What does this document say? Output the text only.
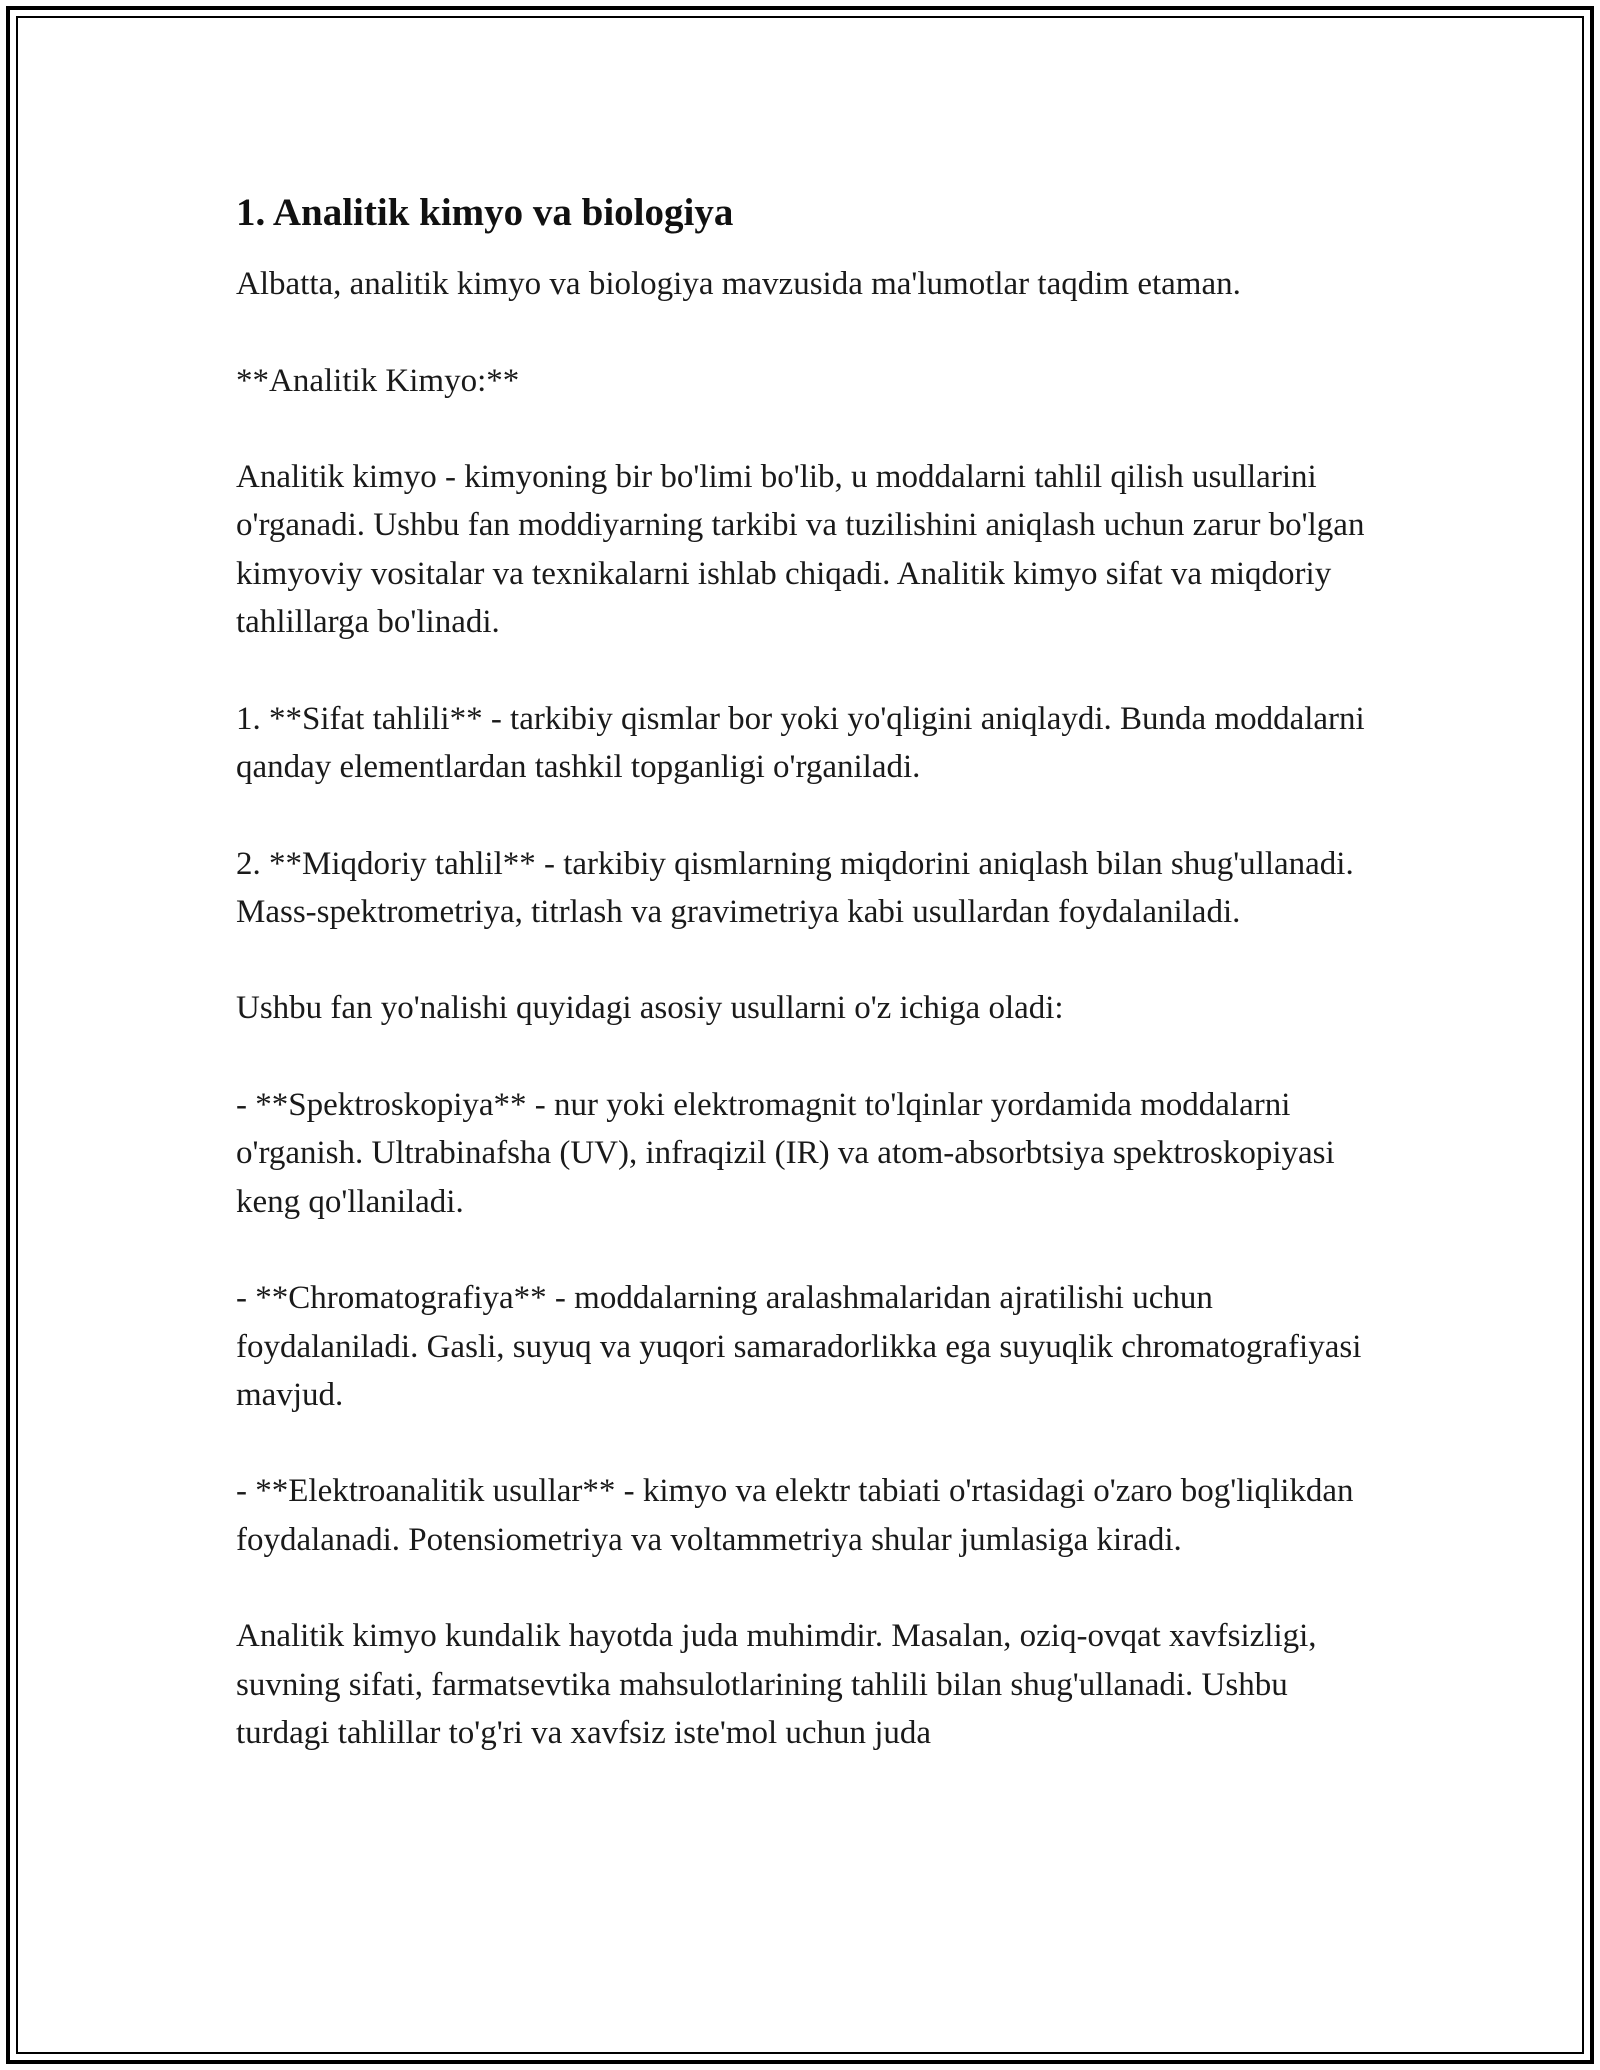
1. Analitik kimyo va biologiya

Albatta, analitik kimyo va biologiya mavzusida ma'lumotlar taqdim etaman.

**Analitik Kimyo:**

Analitik kimyo - kimyoning bir bo'limi bo'lib, u moddalarni tahlil qilish usullarini o'rganadi. Ushbu fan moddiyarning tarkibi va tuzilishini aniqlash uchun zarur bo'lgan kimyoviy vositalar va texnikalarni ishlab chiqadi. Analitik kimyo sifat va miqdoriy tahlillarga bo'linadi.

1. **Sifat tahlili** - tarkibiy qismlar bor yoki yo'qligini aniqlaydi. Bunda moddalarni qanday elementlardan tashkil topganligi o'rganiladi.

2. **Miqdoriy tahlil** - tarkibiy qismlarning miqdorini aniqlash bilan shug'ullanadi. Mass-spektrometriya, titrlash va gravimetriya kabi usullardan foydalaniladi.

Ushbu fan yo'nalishi quyidagi asosiy usullarni o'z ichiga oladi:

- **Spektroskopiya** - nur yoki elektromagnit to'lqinlar yordamida moddalarni o'rganish. Ultrabinafsha (UV), infraqizil (IR) va atom-absorbtsiya spektroskopiyasi keng qo'llaniladi.

- **Chromatografiya** - moddalarning aralashmalaridan ajratilishi uchun foydalaniladi. Gasli, suyuq va yuqori samaradorlikka ega suyuqlik chromatografiyasi mavjud.

- **Elektroanalitik usullar** - kimyo va elektr tabiati o'rtasidagi o'zaro bog'liqlikdan foydalanadi. Potensiometriya va voltammetriya shular jumlasiga kiradi.

Analitik kimyo kundalik hayotda juda muhimdir. Masalan, oziq-ovqat xavfsizligi, suvning sifati, farmatsevtika mahsulotlarining tahlili bilan shug'ullanadi. Ushbu turdagi tahlillar to'g'ri va xavfsiz iste'mol uchun juda
